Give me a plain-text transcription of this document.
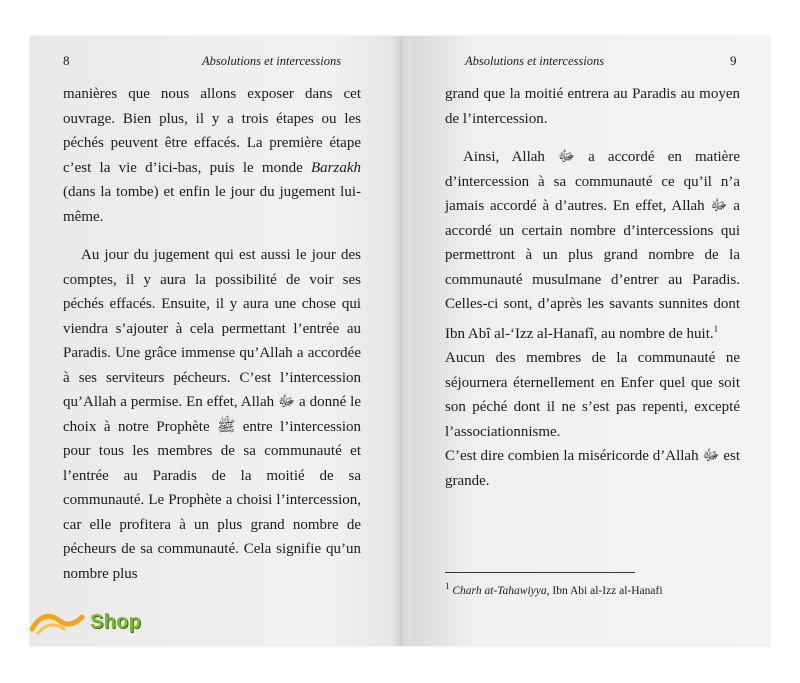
8	Absolutions et intercessions

manières que nous allons exposer dans cet ouvrage. Bien plus, il y a trois étapes ou les péchés peuvent être effacés. La première étape c’est la vie d’ici-bas, puis le monde Barzakh (dans la tombe) et enfin le jour du jugement lui-même.

Au jour du jugement qui est aussi le jour des comptes, il y aura la possibilité de voir ses péchés effacés. Ensuite, il y aura une chose qui viendra s’ajouter à cela permettant l’entrée au Paradis. Une grâce immense qu’Allah a accordée à ses serviteurs pécheurs. C’est l’intercession qu’Allah a permise. En effet, Allah ﷻ a donné le choix à notre Prophète ﷺ entre l’intercession pour tous les membres de sa communauté et l’entrée au Paradis de la moitié de sa communauté. Le Prophète a choisi l’intercession, car elle profitera à un plus grand nombre de pécheurs de sa communauté. Cela signifie qu’un nombre plus

Absolutions et intercessions	9

grand que la moitié entrera au Paradis au moyen de l’intercession.

Ainsi, Allah ﷻ a accordé en matière d’intercession à sa communauté ce qu’il n’a jamais accordé à d’autres. En effet, Allah ﷻ a accordé un certain nombre d’intercessions qui permettront à un plus grand nombre de la communauté musulmane d’entrer au Paradis. Celles-ci sont, d’après les savants sunnites dont Ibn Abî al-‘Izz al-Hanafî, au nombre de huit.$^1$

Aucun des membres de la communauté ne séjournera éternellement en Enfer quel que soit son péché dont il ne s’est pas repenti, excepté l’associationnisme.

C’est dire combien la miséricorde d’Allah ﷻ est grande.

$^1$ Charh at-Tahawiyya, Ibn Abi al-Izz al-Hanafi
Shop
